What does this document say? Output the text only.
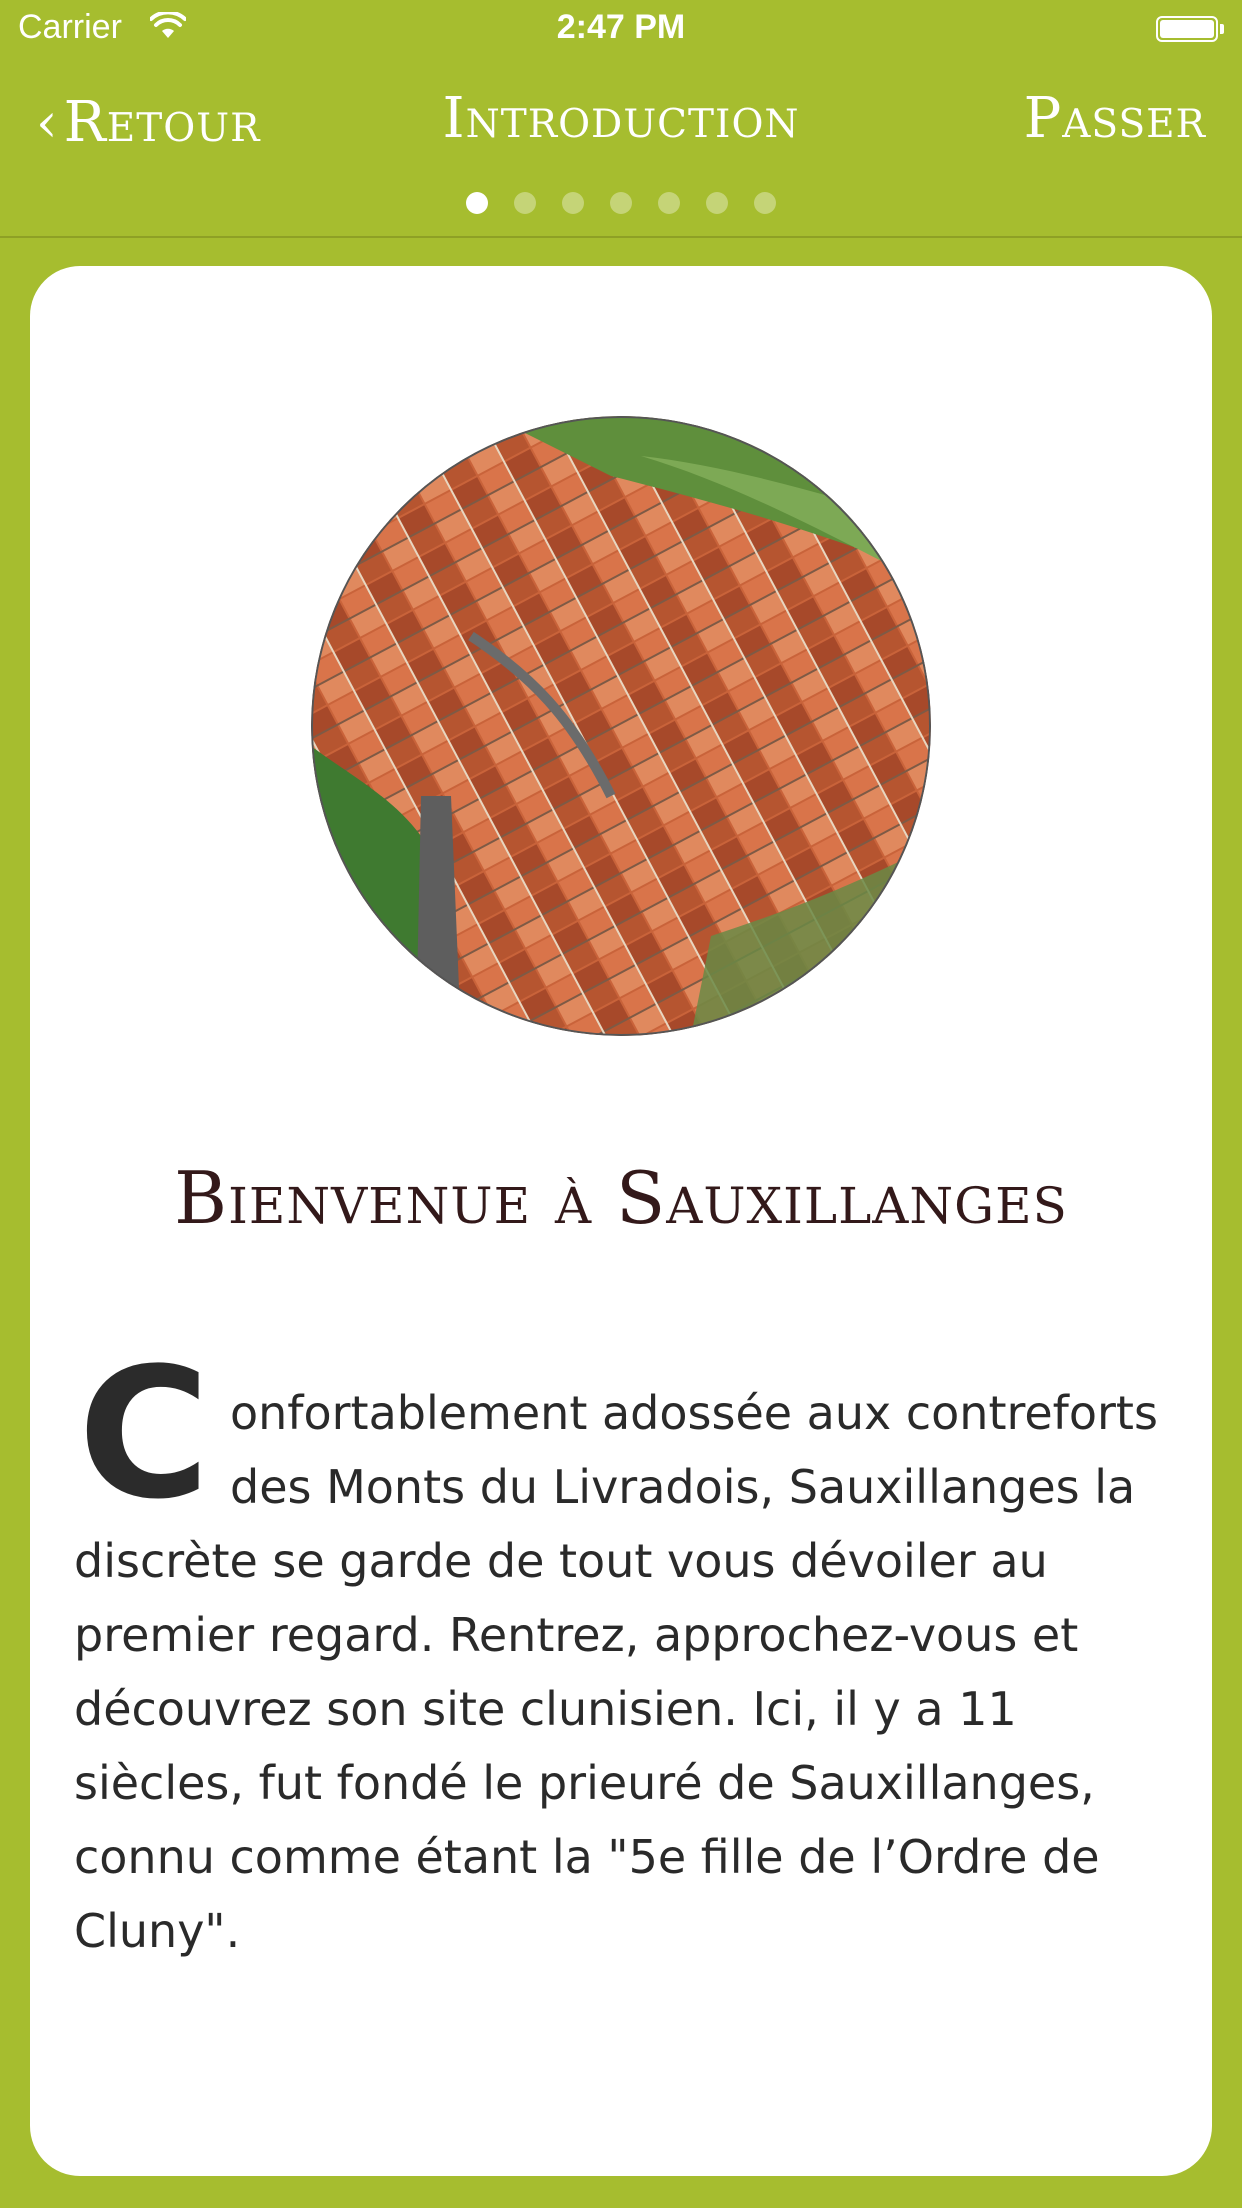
Carrier	2:47 PM
‹ Retour	Introduction	Passer
Bienvenue à Sauxillanges
C onfortablement adossée aux contreforts des Monts du Livradois, Sauxillanges la discrète se garde de tout vous dévoiler au premier regard. Rentrez, approchez-vous et découvrez son site clunisien. Ici, il y a 11 siècles, fut fondé le prieuré de Sauxillanges, connu comme étant la "5e fille de l’Ordre de Cluny".
